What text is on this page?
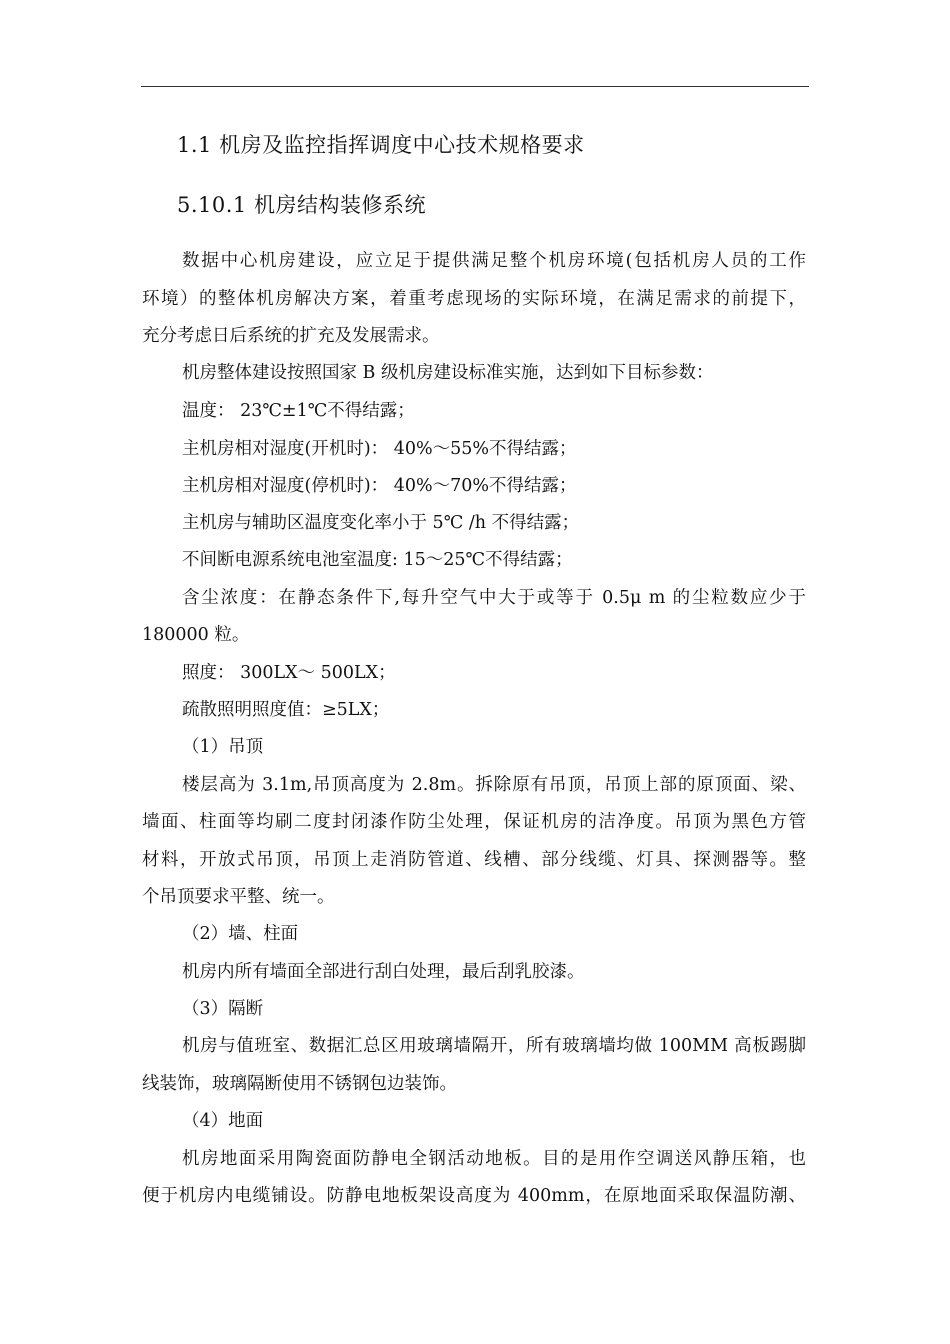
1.1 机房及监控指挥调度中心技术规格要求
5.10.1 机房结构装修系统
数据中心机房建设，应立足于提供满足整个机房环境(包括机房人员的工作
环境）的整体机房解决方案，着重考虑现场的实际环境，在满足需求的前提下，
充分考虑日后系统的扩充及发展需求。
机房整体建设按照国家 B 级机房建设标准实施，达到如下目标参数：
温度： 23℃±1℃不得结露；
主机房相对湿度(开机时)： 40%～55%不得结露；
主机房相对湿度(停机时)： 40%～70%不得结露；
主机房与辅助区温度变化率小于 5℃ /h 不得结露；
不间断电源系统电池室温度: 15～25℃不得结露；
含尘浓度：在静态条件下,每升空气中大于或等于 0.5μ m 的尘粒数应少于
180000 粒。
照度： 300LX～ 500LX；
疏散照明照度值：≥5LX；
（1）吊顶
楼层高为 3.1m,吊顶高度为 2.8m。拆除原有吊顶，吊顶上部的原顶面、梁、
墙面、柱面等均刷二度封闭漆作防尘处理，保证机房的洁净度。吊顶为黑色方管
材料，开放式吊顶，吊顶上走消防管道、线槽、部分线缆、灯具、探测器等。整
个吊顶要求平整、统一。
（2）墙、柱面
机房内所有墙面全部进行刮白处理，最后刮乳胶漆。
（3）隔断
机房与值班室、数据汇总区用玻璃墙隔开，所有玻璃墙均做 100MM 高板踢脚
线装饰，玻璃隔断使用不锈钢包边装饰。
（4）地面
机房地面采用陶瓷面防静电全钢活动地板。目的是用作空调送风静压箱，也
便于机房内电缆铺设。防静电地板架设高度为 400mm，在原地面采取保温防潮、
